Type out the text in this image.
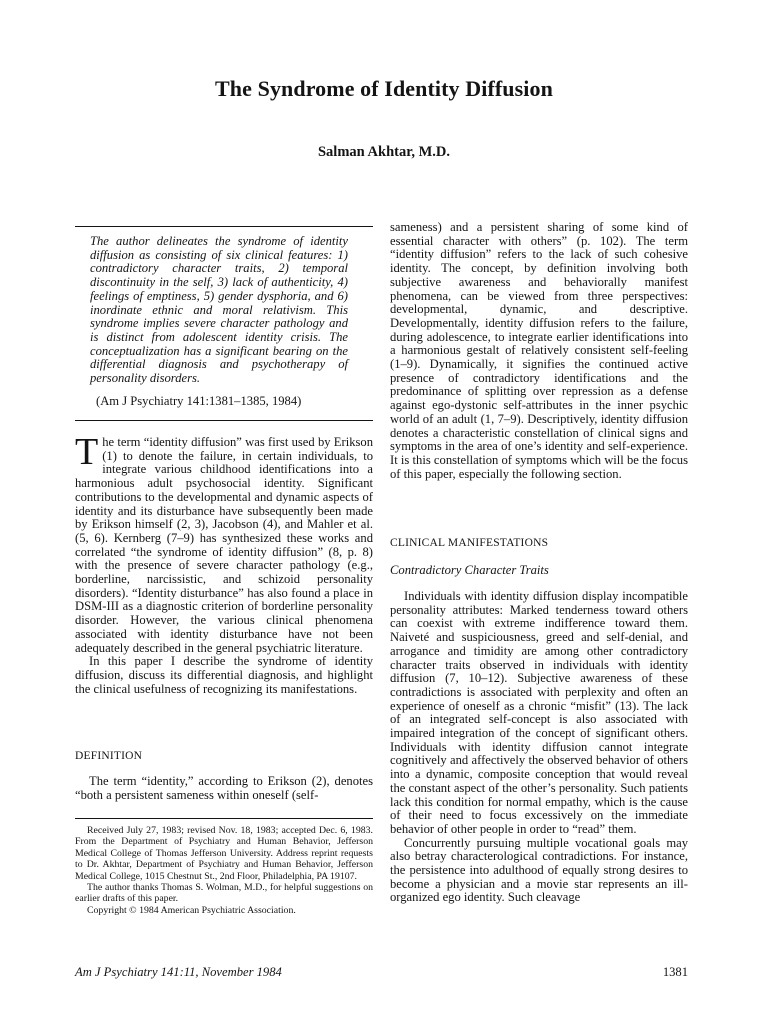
The Syndrome of Identity Diffusion
Salman Akhtar, M.D.

The author delineates the syndrome of identity diffusion as consisting of six clinical features: 1) contradictory character traits, 2) temporal discontinuity in the self, 3) lack of authenticity, 4) feelings of emptiness, 5) gender dysphoria, and 6) inordinate ethnic and moral relativism. This syndrome implies severe character pathology and is distinct from adolescent identity crisis. The conceptualization has a significant bearing on the differential diagnosis and psychotherapy of personality disorders.

(Am J Psychiatry 141:1381–1385, 1984)

T he term “identity diffusion” was first used by Erikson (1) to denote the failure, in certain individuals, to integrate various childhood identifications into a harmonious adult psychosocial identity. Significant contributions to the developmental and dynamic aspects of identity and its disturbance have subsequently been made by Erikson himself (2, 3), Jacobson (4), and Mahler et al. (5, 6). Kernberg (7–9) has synthesized these works and correlated “the syndrome of identity diffusion” (8, p. 8) with the presence of severe character pathology (e.g., borderline, narcissistic, and schizoid personality disorders). “Identity disturbance” has also found a place in DSM-III as a diagnostic criterion of borderline personality disorder. However, the various clinical phenomena associated with identity disturbance have not been adequately described in the general psychiatric literature.

In this paper I describe the syndrome of identity diffusion, discuss its differential diagnosis, and highlight the clinical usefulness of recognizing its manifestations.

DEFINITION

The term “identity,” according to Erikson (2), denotes “both a persistent sameness within oneself (self-

Received July 27, 1983; revised Nov. 18, 1983; accepted Dec. 6, 1983. From the Department of Psychiatry and Human Behavior, Jefferson Medical College of Thomas Jefferson University. Address reprint requests to Dr. Akhtar, Department of Psychiatry and Human Behavior, Jefferson Medical College, 1015 Chestnut St., 2nd Floor, Philadelphia, PA 19107.

The author thanks Thomas S. Wolman, M.D., for helpful suggestions on earlier drafts of this paper.

Copyright © 1984 American Psychiatric Association.

sameness) and a persistent sharing of some kind of essential character with others” (p. 102). The term “identity diffusion” refers to the lack of such cohesive identity. The concept, by definition involving both subjective awareness and behaviorally manifest phenomena, can be viewed from three perspectives: developmental, dynamic, and descriptive. Developmentally, identity diffusion refers to the failure, during adolescence, to integrate earlier identifications into a harmonious gestalt of relatively consistent self-feeling (1–9). Dynamically, it signifies the continued active presence of contradictory identifications and the predominance of splitting over repression as a defense against ego-dystonic self-attributes in the inner psychic world of an adult (1, 7–9). Descriptively, identity diffusion denotes a characteristic constellation of clinical signs and symptoms in the area of one’s identity and self-experience. It is this constellation of symptoms which will be the focus of this paper, especially the following section.

CLINICAL MANIFESTATIONS
Contradictory Character Traits

Individuals with identity diffusion display incompatible personality attributes: Marked tenderness toward others can coexist with extreme indifference toward them. Naiveté and suspiciousness, greed and self-denial, and arrogance and timidity are among other contradictory character traits observed in individuals with identity diffusion (7, 10–12). Subjective awareness of these contradictions is associated with perplexity and often an experience of oneself as a chronic “misfit” (13). The lack of an integrated self-concept is also associated with impaired integration of the concept of significant others. Individuals with identity diffusion cannot integrate cognitively and affectively the observed behavior of others into a dynamic, composite conception that would reveal the constant aspect of the other’s personality. Such patients lack this condition for normal empathy, which is the cause of their need to focus excessively on the immediate behavior of other people in order to “read” them.

Concurrently pursuing multiple vocational goals may also betray characterological contradictions. For instance, the persistence into adulthood of equally strong desires to become a physician and a movie star represents an ill-organized ego identity. Such cleavage

Am J Psychiatry 141:11, November 1984	1381
